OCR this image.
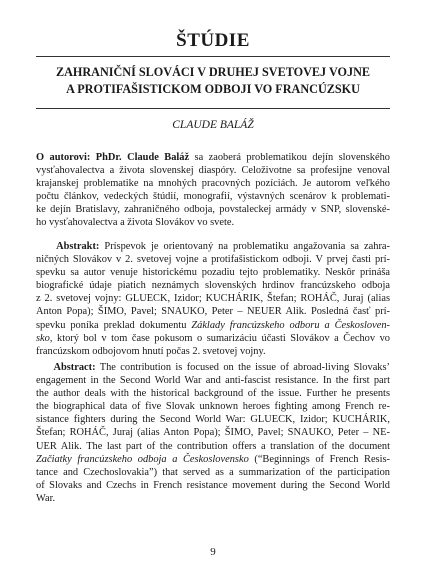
ŠTÚDIE
ZAHRANIČNÍ SLOVÁCI V DRUHEJ SVETOVEJ VOJNE
A PROTIFAŠISTICKOM ODBOJI VO FRANCÚZSKU
CLAUDE BALÁŽ
O autorovi: PhDr. Claude Baláž sa zaoberá problematikou dejín slovenského
vysťahovalectva a života slovenskej diaspóry. Celoživotne sa profesijne venoval
krajanskej problematike na mnohých pracovných pozíciách. Je autorom veľkého
počtu článkov, vedeckých štúdií, monografií, výstavných scenárov k problemati-
ke dejín Bratislavy, zahraničného odboja, povstaleckej armády v SNP, slovenské-
ho vysťahovalectva a života Slovákov vo svete.
Abstrakt: Príspevok je orientovaný na problematiku angažovania sa zahra-
ničných Slovákov v 2. svetovej vojne a protifašistickom odboji. V prvej časti prí-
spevku sa autor venuje historickému pozadiu tejto problematiky. Neskôr prináša
biografické údaje piatich neznámych slovenských hrdinov francúzskeho odboja
z 2. svetovej vojny: GLUECK, Izidor; KUCHÁRIK, Štefan; ROHÁČ, Juraj (alias
Anton Popa); ŠIMO, Pavel; SNAUKO, Peter – NEUER Alik. Posledná časť prí-
spevku poníka preklad dokumentu Základy francúzskeho odboru a Českosloven-
sko, ktorý bol v tom čase pokusom o sumarizáciu účasti Slovákov a Čechov vo
francúzskom odbojovom hnutí počas 2. svetovej vojny.
Abstract: The contribution is focused on the issue of abroad-living Slovaks’
engagement in the Second World War and anti-fascist resistance. In the first part
the author deals with the historical background of the issue. Further he presents
the biographical data of five Slovak unknown heroes fighting among French re-
sistance fighters during the Second World War: GLUECK, Izidor; KUCHÁRIK,
Štefan; ROHÁČ, Juraj (alias Anton Popa); ŠIMO, Pavel; SNAUKO, Peter – NE-
UER Alik. The last part of the contribution offers a translation of the document
Začiatky francúzskeho odboja a Československo (“Beginnings of French Resis-
tance and Czechoslovakia”) that served as a summarization of the participation
of Slovaks and Czechs in French resistance movement during the Second World
War.
9
